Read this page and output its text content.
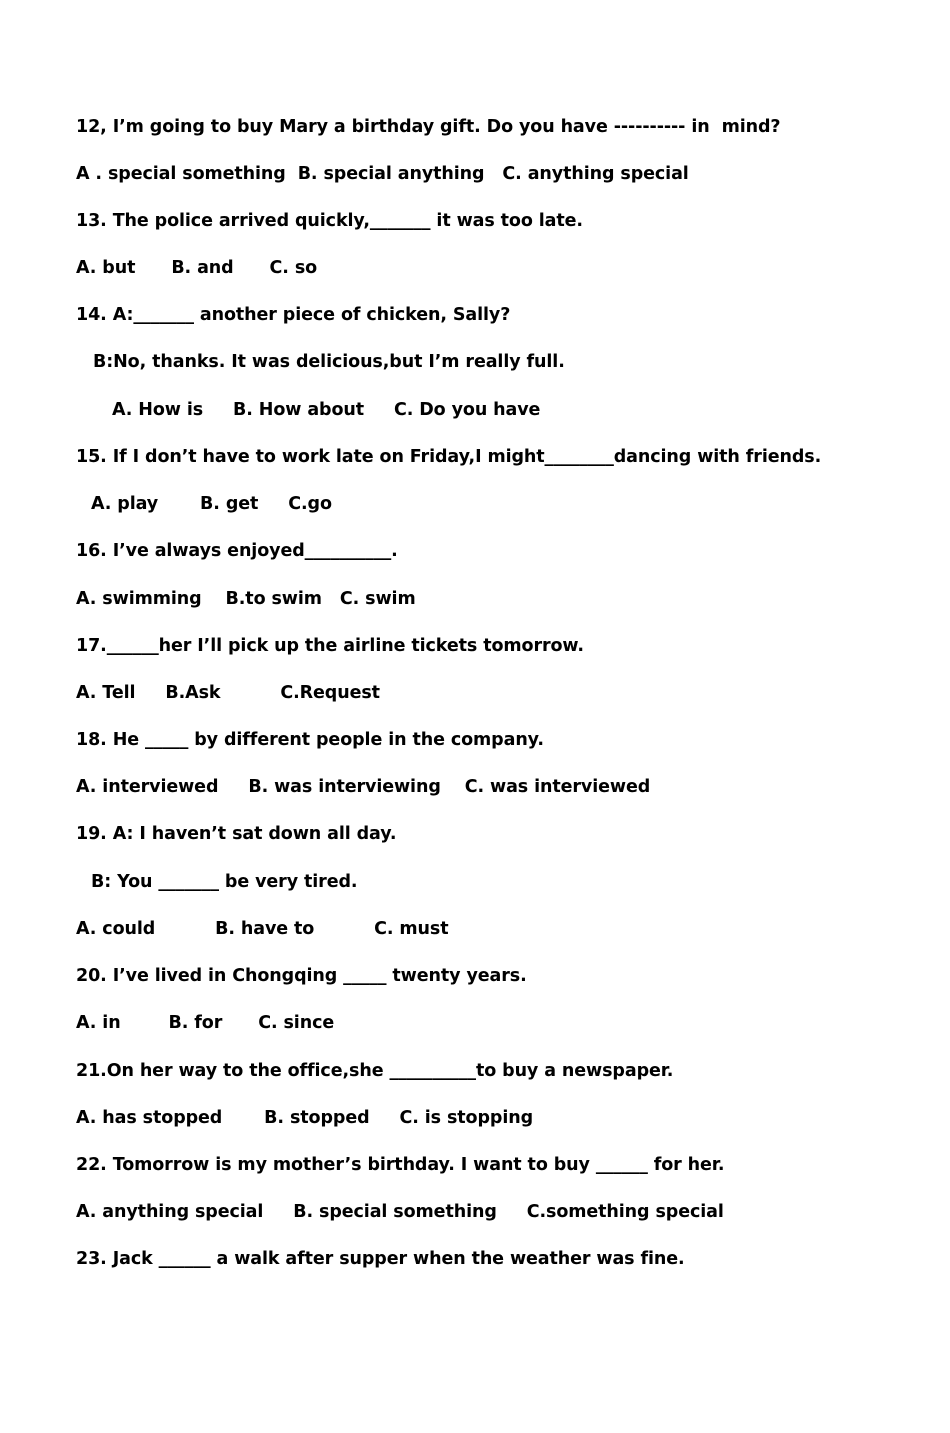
12, I’m going to buy Mary a birthday gift. Do you have ---------- in  mind?
A . special something  B. special anything   C. anything special
13. The police arrived quickly,_______ it was too late.
A. but      B. and      C. so
14. A:_______ another piece of chicken, Sally?
B:No, thanks. It was delicious,but I’m really full.
A. How is     B. How about     C. Do you have
15. If I don’t have to work late on Friday,I might________dancing with friends.
A. play       B. get     C.go
16. I’ve always enjoyed__________.
A. swimming    B.to swim   C. swim
17.______her I’ll pick up the airline tickets tomorrow.
A. Tell     B.Ask          C.Request
18. He _____ by different people in the company.
A. interviewed     B. was interviewing    C. was interviewed
19. A: I haven’t sat down all day.
B: You _______ be very tired.
A. could          B. have to          C. must
20. I’ve lived in Chongqing _____ twenty years.
A. in        B. for      C. since
21.On her way to the office,she __________to buy a newspaper.
A. has stopped       B. stopped     C. is stopping
22. Tomorrow is my mother’s birthday. I want to buy ______ for her.
A. anything special     B. special something     C.something special
23. Jack ______ a walk after supper when the weather was fine.
